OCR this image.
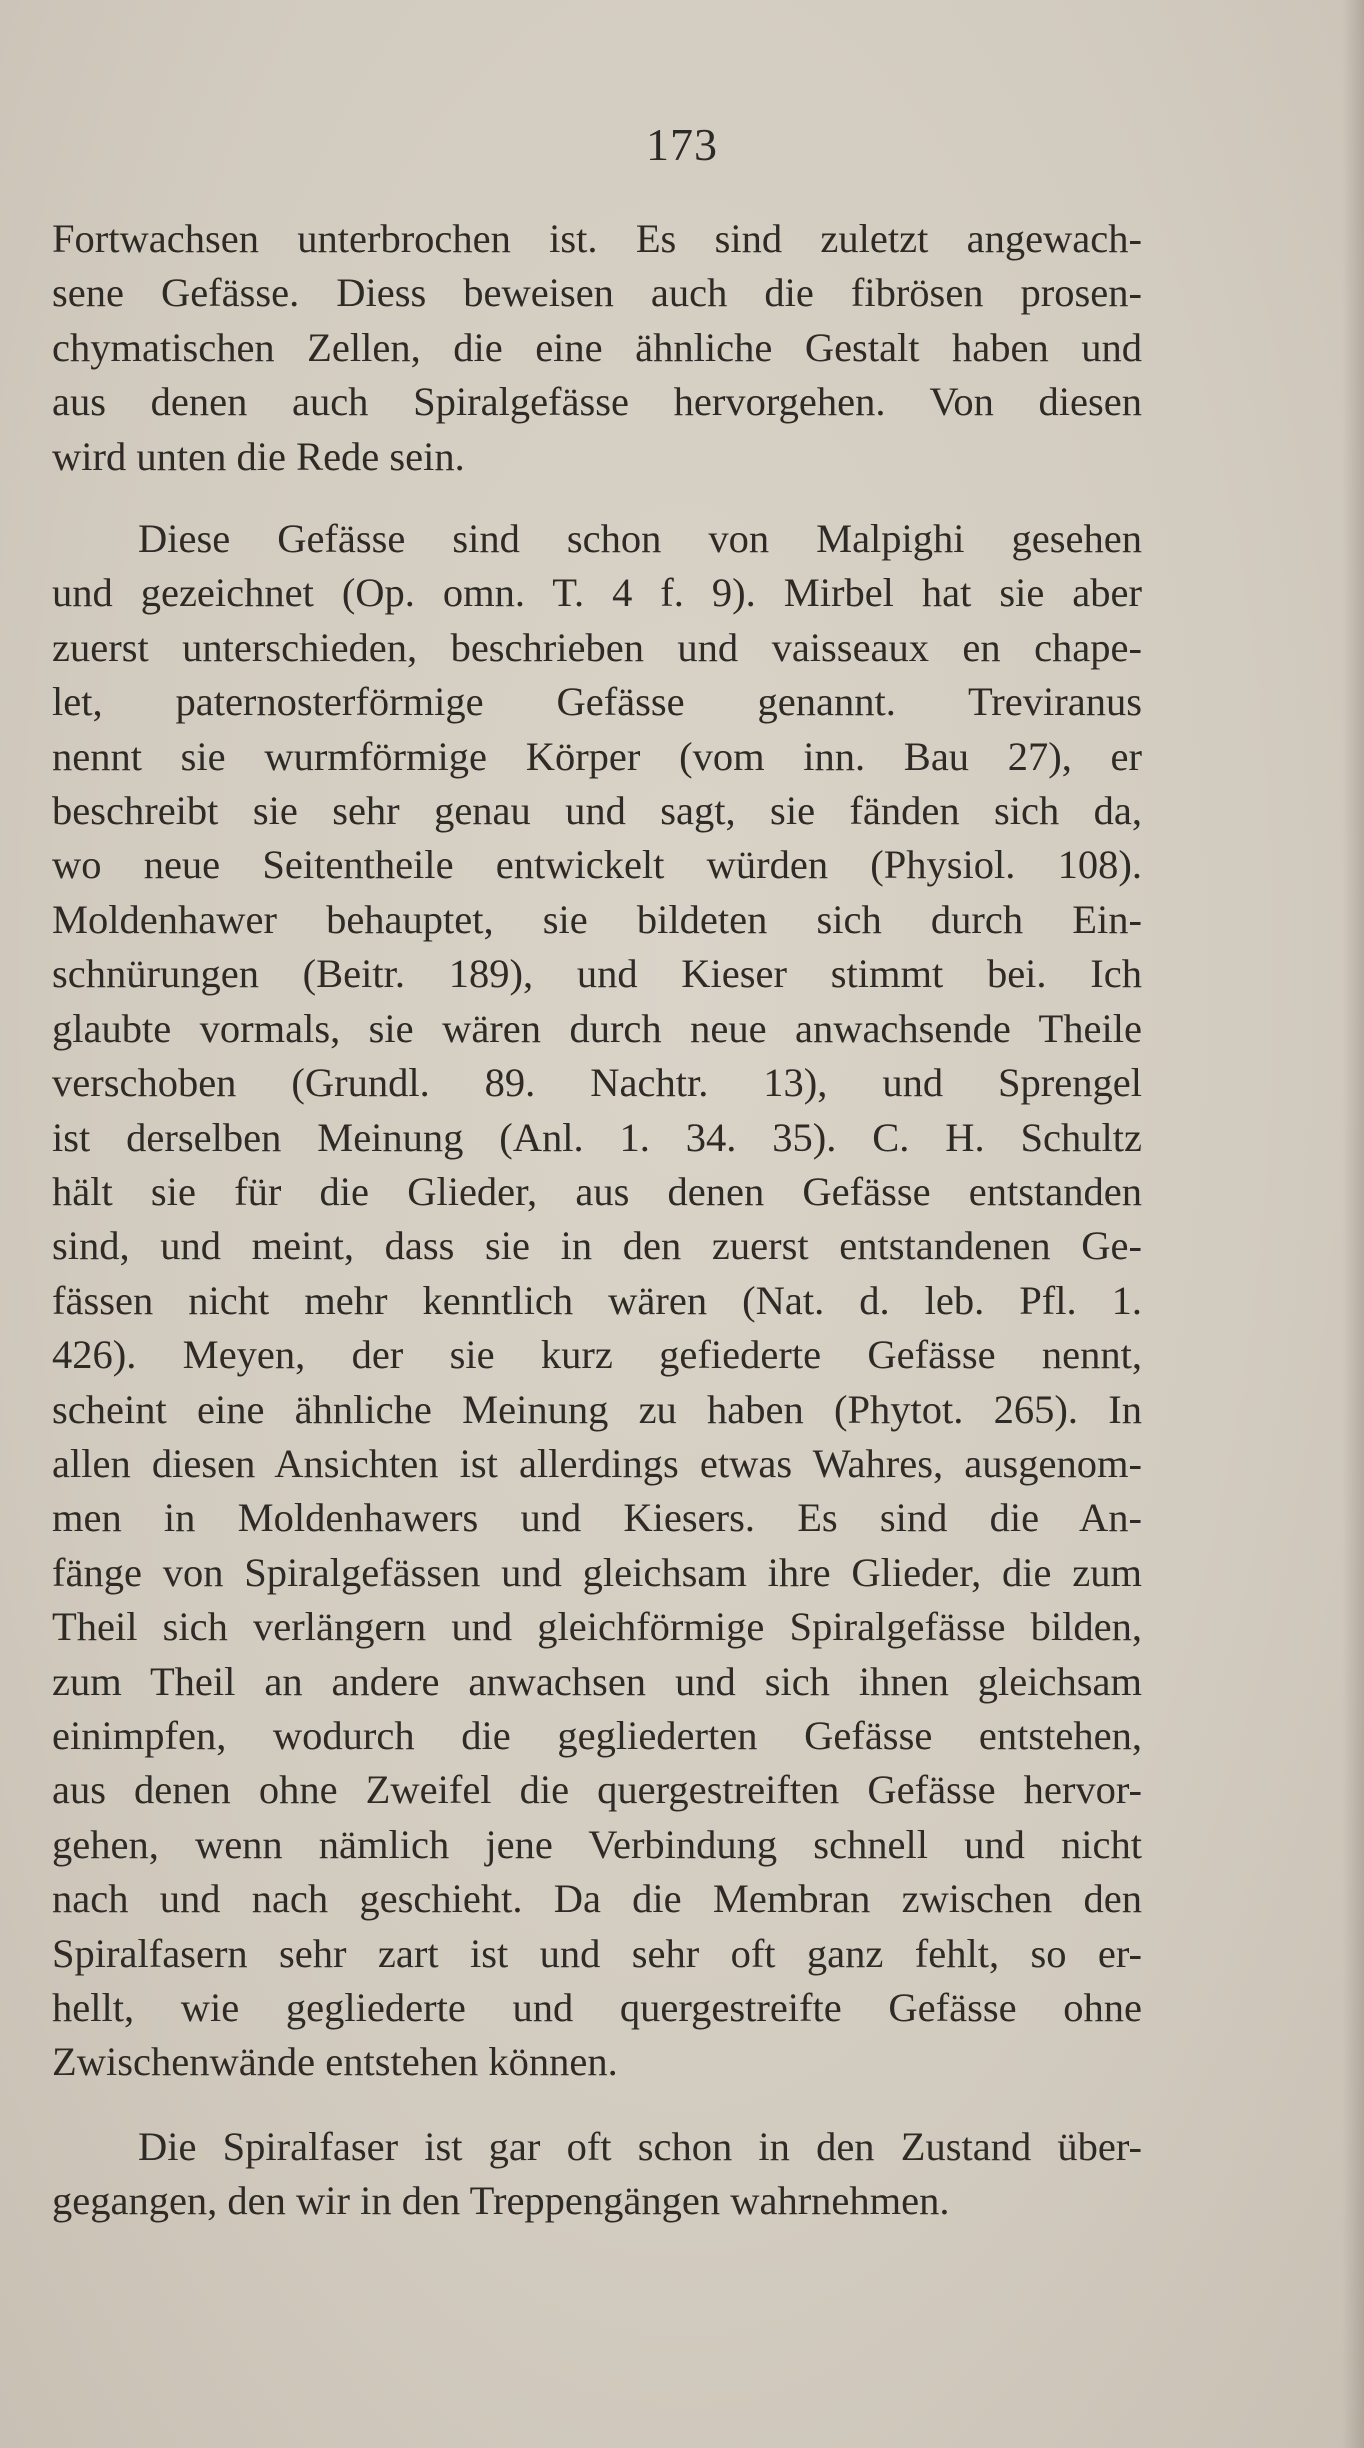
173
Fortwachsen unterbrochen ist. Es sind zuletzt angewach-
sene Gefässe. Diess beweisen auch die fibrösen prosen-
chymatischen Zellen, die eine ähnliche Gestalt haben und
aus denen auch Spiralgefässe hervorgehen. Von diesen
wird unten die Rede sein.
Diese Gefässe sind schon von Malpighi gesehen
und gezeichnet (Op. omn. T. 4 f. 9). Mirbel hat sie aber
zuerst unterschieden, beschrieben und vaisseaux en chape-
let, paternosterförmige Gefässe genannt. Treviranus
nennt sie wurmförmige Körper (vom inn. Bau 27), er
beschreibt sie sehr genau und sagt, sie fänden sich da,
wo neue Seitentheile entwickelt würden (Physiol. 108).
Moldenhawer behauptet, sie bildeten sich durch Ein-
schnürungen (Beitr. 189), und Kieser stimmt bei. Ich
glaubte vormals, sie wären durch neue anwachsende Theile
verschoben (Grundl. 89. Nachtr. 13), und Sprengel
ist derselben Meinung (Anl. 1. 34. 35). C. H. Schultz
hält sie für die Glieder, aus denen Gefässe entstanden
sind, und meint, dass sie in den zuerst entstandenen Ge-
fässen nicht mehr kenntlich wären (Nat. d. leb. Pfl. 1.
426). Meyen, der sie kurz gefiederte Gefässe nennt,
scheint eine ähnliche Meinung zu haben (Phytot. 265). In
allen diesen Ansichten ist allerdings etwas Wahres, ausgenom-
men in Moldenhawers und Kiesers. Es sind die An-
fänge von Spiralgefässen und gleichsam ihre Glieder, die zum
Theil sich verlängern und gleichförmige Spiralgefässe bilden,
zum Theil an andere anwachsen und sich ihnen gleichsam
einimpfen, wodurch die gegliederten Gefässe entstehen,
aus denen ohne Zweifel die quergestreiften Gefässe hervor-
gehen, wenn nämlich jene Verbindung schnell und nicht
nach und nach geschieht. Da die Membran zwischen den
Spiralfasern sehr zart ist und sehr oft ganz fehlt, so er-
hellt, wie gegliederte und quergestreifte Gefässe ohne
Zwischenwände entstehen können.
Die Spiralfaser ist gar oft schon in den Zustand über-
gegangen, den wir in den Treppengängen wahrnehmen.
